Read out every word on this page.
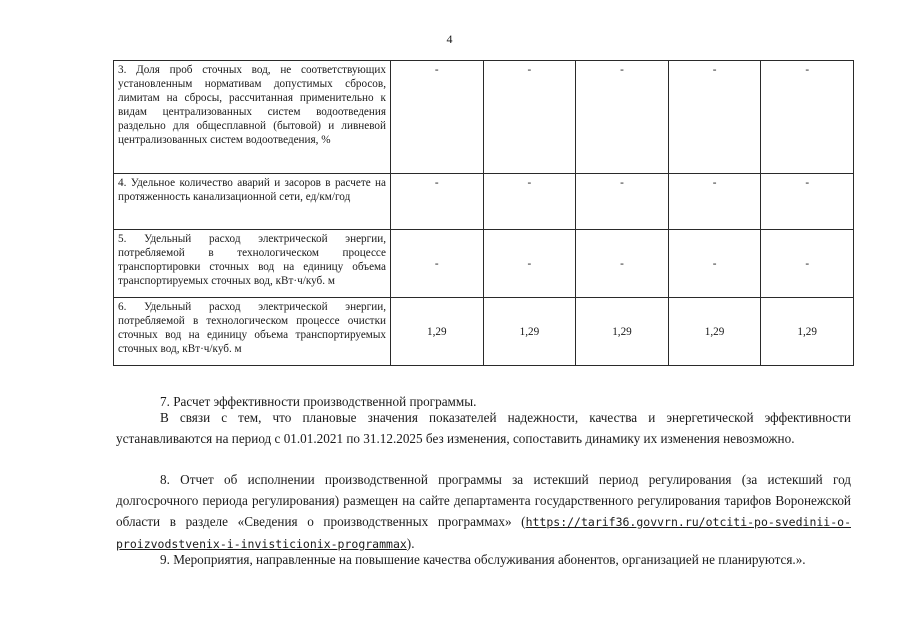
4
3. Доля проб сточных вод, не соответствующих установленным нормативам допустимых сбросов, лимитам на сбросы, рассчитанная применительно к видам централизованных систем водоотведения раздельно для общесплавной (бытовой) и ливневой централизованных систем водоотведения, %	-	-	-	-	-
4. Удельное количество аварий и засоров в расчете на протяженность канализационной сети, ед/км/год	-	-	-	-	-
5. Удельный расход электрической энергии, потребляемой в технологическом процессе транспортировки сточных вод на единицу объема транспортируемых сточных вод, кВт·ч/куб. м	-	-	-	-	-
6. Удельный расход электрической энергии, потребляемой в технологическом процессе очистки сточных вод на единицу объема транспортируемых сточных вод, кВт·ч/куб. м	1,29	1,29	1,29	1,29	1,29

7. Расчет эффективности производственной программы.

В связи с тем, что плановые значения показателей надежности, качества и энергетической эффективности устанавливаются на период с 01.01.2021 по 31.12.2025 без изменения, сопоставить динамику их изменения невозможно.

8. Отчет об исполнении производственной программы за истекший период регулирования (за истекший год долгосрочного периода регулирования) размещен на сайте департамента государственного регулирования тарифов Воронежской области в разделе «Сведения о производственных программах» (https://tarif36.govvrn.ru/otciti-po-svedinii-o-proizvodstvenix-i-invisticionix-programmax).

9. Мероприятия, направленные на повышение качества обслуживания абонентов, организацией не планируются.».
